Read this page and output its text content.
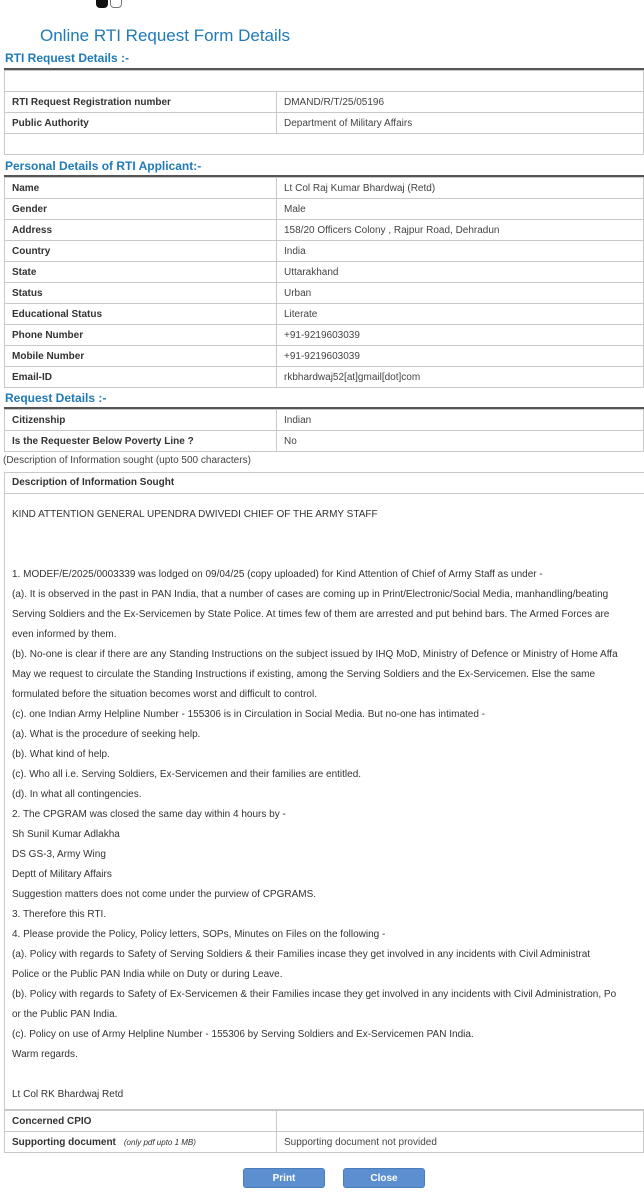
Online RTI Request Form Details
RTI Request Details :-

RTI Request Registration number	DMAND/R/T/25/05196
Public Authority	Department of Military Affairs

Personal Details of RTI Applicant:-
Name	Lt Col Raj Kumar Bhardwaj (Retd)
Gender	Male
Address	158/20 Officers Colony , Rajpur Road, Dehradun
Country	India
State	Uttarakhand
Status	Urban
Educational Status	Literate
Phone Number	+91-9219603039
Mobile Number	+91-9219603039
Email-ID	rkbhardwaj52[at]gmail[dot]com
Request Details :-
Citizenship	Indian
Is the Requester Below Poverty Line ?	No
(Description of Information sought (upto 500 characters)
Description of Information Sought
KIND ATTENTION GENERAL UPENDRA DWIVEDI CHIEF OF THE ARMY STAFF
1. MODEF/E/2025/0003339 was lodged on 09/04/25 (copy uploaded) for Kind Attention of Chief of Army Staff as under -
(a). It is observed in the past in PAN India, that a number of cases are coming up in Print/Electronic/Social Media, manhandling/beating
Serving Soldiers and the Ex-Servicemen by State Police. At times few of them are arrested and put behind bars. The Armed Forces are
even informed by them.
(b). No-one is clear if there are any Standing Instructions on the subject issued by IHQ MoD, Ministry of Defence or Ministry of Home Affa
May we request to circulate the Standing Instructions if existing, among the Serving Soldiers and the Ex-Servicemen. Else the same
formulated before the situation becomes worst and difficult to control.
(c). one Indian Army Helpline Number - 155306 is in Circulation in Social Media. But no-one has intimated -
(a). What is the procedure of seeking help.
(b). What kind of help.
(c). Who all i.e. Serving Soldiers, Ex-Servicemen and their families are entitled.
(d). In what all contingencies.
2. The CPGRAM was closed the same day within 4 hours by -
Sh Sunil Kumar Adlakha
DS GS-3, Army Wing
Deptt of Military Affairs
Suggestion matters does not come under the purview of CPGRAMS.
3. Therefore this RTI.
4. Please provide the Policy, Policy letters, SOPs, Minutes on Files on the following -
(a). Policy with regards to Safety of Serving Soldiers & their Families incase they get involved in any incidents with Civil Administrat
Police or the Public PAN India while on Duty or during Leave.
(b). Policy with regards to Safety of Ex-Servicemen & their Families incase they get involved in any incidents with Civil Administration, Po
or the Public PAN India.
(c). Policy on use of Army Helpline Number - 155306 by Serving Soldiers and Ex-Servicemen PAN India.
Warm regards.
Lt Col RK Bhardwaj Retd
Concerned CPIO	
Supporting document (only pdf upto 1 MB)	Supporting document not provided
Print	Close
